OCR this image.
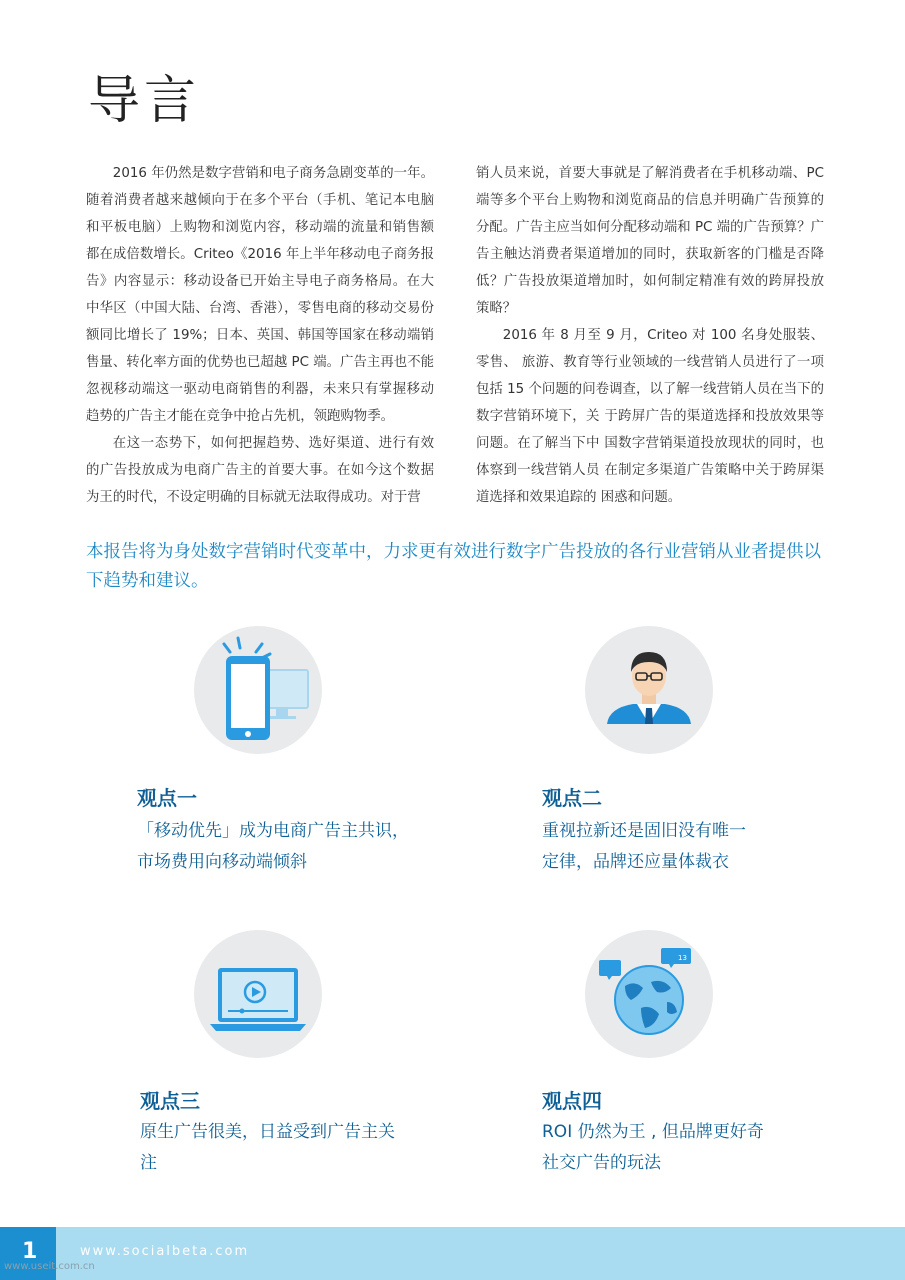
导言

2016 年仍然是数字营销和电子商务急剧变革的一年。随着消费者越来越倾向于在多个平台（手机、笔记本电脑和平板电脑）上购物和浏览内容，移动端的流量和销售额都在成倍数增长。Criteo《2016 年上半年移动电子商务报告》内容显示：移动设备已开始主导电子商务格局。在大中华区（中国大陆、台湾、香港），零售电商的移动交易份额同比增长了 19%；日本、英国、韩国等国家在移动端销售量、转化率方面的优势也已超越 PC 端。广告主再也不能忽视移动端这一驱动电商销售的利器，未来只有掌握移动趋势的广告主才能在竞争中抢占先机，领跑购物季。

在这一态势下，如何把握趋势、选好渠道、进行有效的广告投放成为电商广告主的首要大事。在如今这个数据为王的时代，不设定明确的目标就无法取得成功。对于营

销人员来说，首要大事就是了解消费者在手机移动端、PC 端等多个平台上购物和浏览商品的信息并明确广告预算的分配。广告主应当如何分配移动端和 PC 端的广告预算？广告主触达消费者渠道增加的同时，获取新客的门槛是否降低？广告投放渠道增加时，如何制定精准有效的跨屏投放策略？

2016 年 8 月至 9 月，Criteo 对 100 名身处服装、零售、 旅游、教育等行业领域的一线营销人员进行了一项包括 15 个问题的问卷调查，以了解一线营销人员在当下的数字营销环境下，关 于跨屏广告的渠道选择和投放效果等问题。在了解当下中 国数字营销渠道投放现状的同时，也体察到一线营销人员 在制定多渠道广告策略中关于跨屏渠道选择和效果追踪的 困惑和问题。

本报告将为身处数字营销时代变革中，力求更有效进行数字广告投放的各行业营销从业者提供以下趋势和建议。

观点一

「移动优先」成为电商广告主共识，
市场费用向移动端倾斜

观点二

重视拉新还是固旧没有唯一
定律，品牌还应量体裁衣

观点三

原生广告很美，日益受到广告主关
注

13
观点四

ROI 仍然为王 , 但品牌更好奇
社交广告的玩法

1	www.socialbeta.com
www.useit.com.cn
